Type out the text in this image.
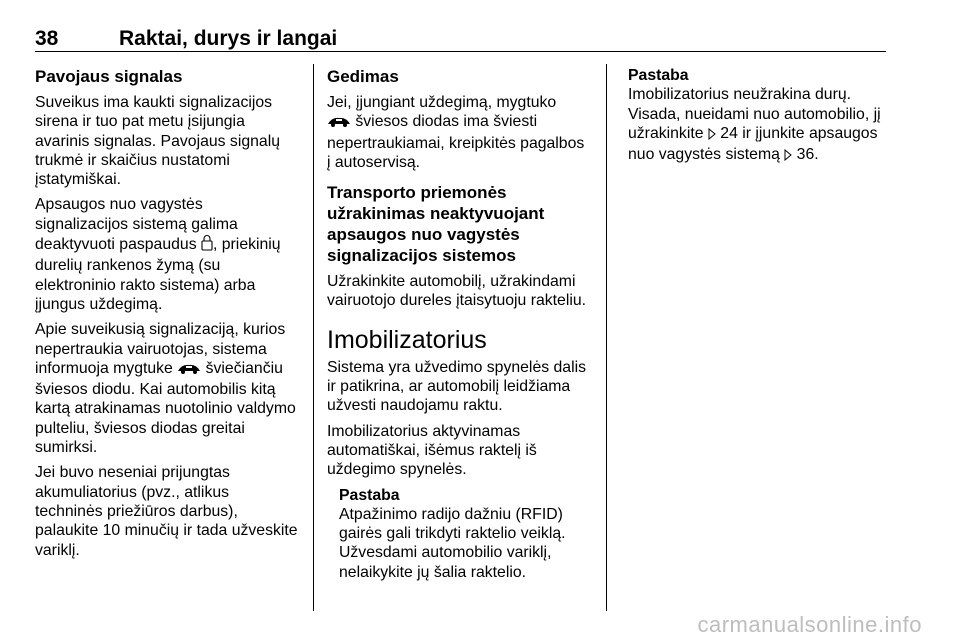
38	Raktai, durys ir langai
Pavojaus signalas

Suveikus ima kaukti signalizacijos
sirena ir tuo pat metu įsijungia
avarinis signalas. Pavojaus signalų
trukmė ir skaičius nustatomi
įstatymiškai.

Apsaugos nuo vagystės
signalizacijos sistemą galima
deaktyvuoti paspaudus , priekinių
durelių rankenos žymą (su
elektroninio rakto sistema) arba
įjungus uždegimą.

Apie suveikusią signalizaciją, kurios
nepertraukia vairuotojas, sistema
informuoja mygtuke  šviečiančiu
šviesos diodu. Kai automobilis kitą
kartą atrakinamas nuotolinio valdymo
pulteliu, šviesos diodas greitai
sumirksi.

Jei buvo neseniai prijungtas
akumuliatorius (pvz., atlikus
techninės priežiūros darbus),
palaukite 10 minučių ir tada užveskite
variklį.

Gedimas

Jei, įjungiant uždegimą, mygtuko
šviesos diodas ima šviesti
nepertraukiamai, kreipkitės pagalbos
į autoservisą.

Transporto priemonės
užrakinimas neaktyvuojant
apsaugos nuo vagystės
signalizacijos sistemos

Užrakinkite automobilį, užrakindami
vairuotojo dureles įtaisytuoju rakteliu.

Imobilizatorius

Sistema yra užvedimo spynelės dalis
ir patikrina, ar automobilį leidžiama
užvesti naudojamu raktu.

Imobilizatorius aktyvinamas
automatiškai, išėmus raktelį iš
uždegimo spynelės.

Pastaba

Atpažinimo radijo dažniu (RFID)
gairės gali trikdyti raktelio veiklą.
Užvesdami automobilio variklį,
nelaikykite jų šalia raktelio.

Pastaba

Imobilizatorius neužrakina durų.
Visada, nueidami nuo automobilio, jį
užrakinkite  24 ir įjunkite apsaugos
nuo vagystės sistemą  36.

carmanualsonline.info
